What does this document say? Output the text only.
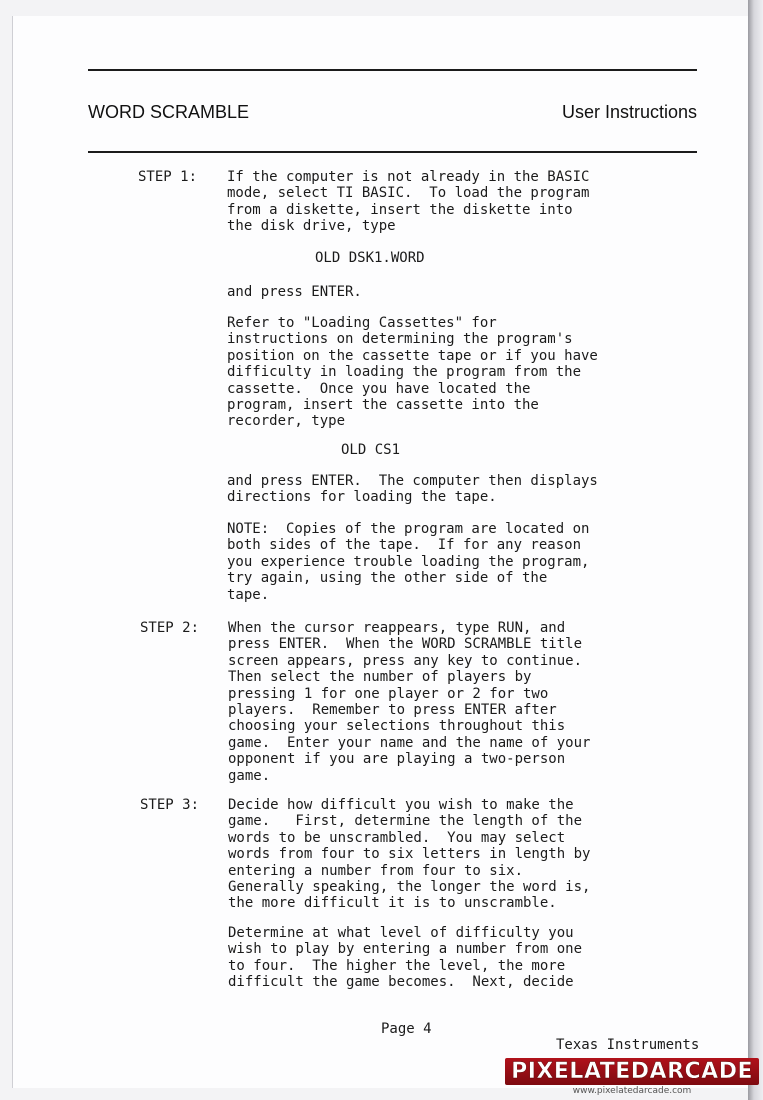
WORD SCRAMBLE	User Instructions
STEP 1: If the computer is not already in the BASIC
mode, select TI BASIC.  To load the program
from a diskette, insert the diskette into
the disk drive, type
OLD DSK1.WORD
and press ENTER.
Refer to "Loading Cassettes" for
instructions on determining the program's
position on the cassette tape or if you have
difficulty in loading the program from the
cassette.  Once you have located the
program, insert the cassette into the
recorder, type
OLD CS1
and press ENTER.  The computer then displays
directions for loading the tape.
NOTE:  Copies of the program are located on
both sides of the tape.  If for any reason
you experience trouble loading the program,
try again, using the other side of the
tape.
STEP 2: When the cursor reappears, type RUN, and
press ENTER.  When the WORD SCRAMBLE title
screen appears, press any key to continue.
Then select the number of players by
pressing 1 for one player or 2 for two
players.  Remember to press ENTER after
choosing your selections throughout this
game.  Enter your name and the name of your
opponent if you are playing a two-person
game.
STEP 3: Decide how difficult you wish to make the
game.   First, determine the length of the
words to be unscrambled.  You may select
words from four to six letters in length by
entering a number from four to six.
Generally speaking, the longer the word is,
the more difficult it is to unscramble.
Determine at what level of difficulty you
wish to play by entering a number from one
to four.  The higher the level, the more
difficult the game becomes.  Next, decide
Page 4
Texas Instruments
PIXELATEDARCADE
www.pixelatedarcade.com
